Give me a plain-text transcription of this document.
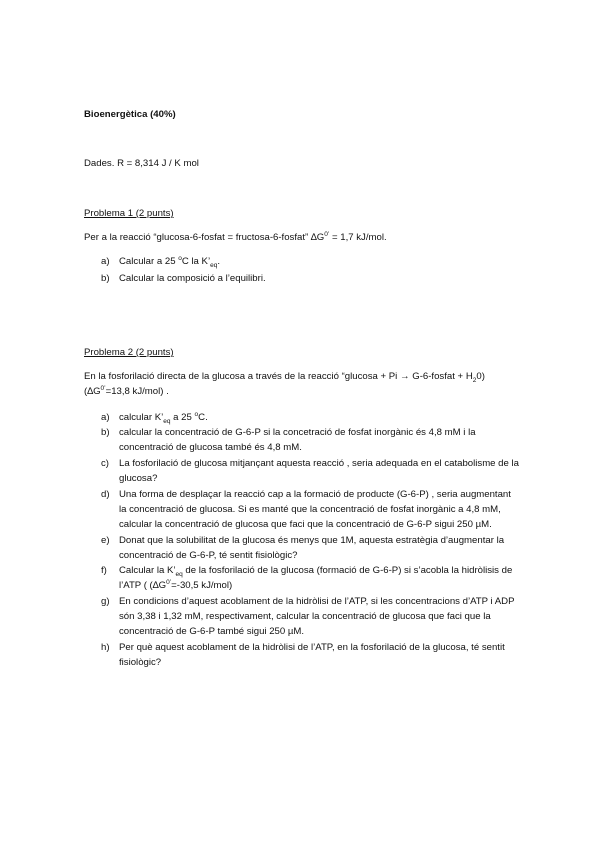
Bioenergètica (40%)
Dades. R = 8,314 J / K mol
Problema 1 (2 punts)
Per a la reacció “glucosa-6-fosfat = fructosa-6-fosfat” $\Delta G^{0’} = 1,7$ kJ/mol.
a) Calcular a 25 $^o$C la $K’_{eq}$.
b) Calcular la composició a l’equilibri.
Problema 2 (2 punts)
En la fosforilació directa de la glucosa a través de la reacció “glucosa + Pi → G-6-fosfat + $H_20$)
($\Delta G^{0’}=13,8$ kJ/mol) .
a) calcular $K’_{eq}$ a 25 $^o$C.
b) calcular la concentració de G-6-P si la concetració de fosfat inorgànic és 4,8 mM i la concentració de glucosa també és 4,8 mM.
c)	La fosforilació de glucosa mitjançant aquesta reacció , seria adequada en el catabolisme de la glucosa?
d) Una forma de desplaçar la reacció cap a la formació de producte (G-6-P) , seria augmentant la concentració de glucosa. Si es manté que la concentració de fosfat inorgànic a 4,8 mM, calcular la concentració de glucosa que faci que la concentració de G-6-P sigui 250 µM.
e) Donat que la solubilitat de la glucosa és menys que 1M, aquesta estratègia d’augmentar la concentració de G-6-P, té sentit fisiològic?
f)	Calcular la $K’_{eq}$ de la fosforilació de la glucosa (formació de G-6-P) si s’acobla la hidròlisis de l’ATP ( ($\Delta G^{0’}=-30,5$ kJ/mol)
g) En condicions d’aquest acoblament de la hidròlisi de l’ATP, si les concentracions d’ATP i ADP són 3,38 i 1,32 mM, respectivament, calcular la concentració de glucosa que faci que la concentració de G-6-P també sigui 250 µM.
h) Per què aquest acoblament de la hidròlisi de l’ATP, en la fosforilació de la glucosa, té sentit fisiològic?
